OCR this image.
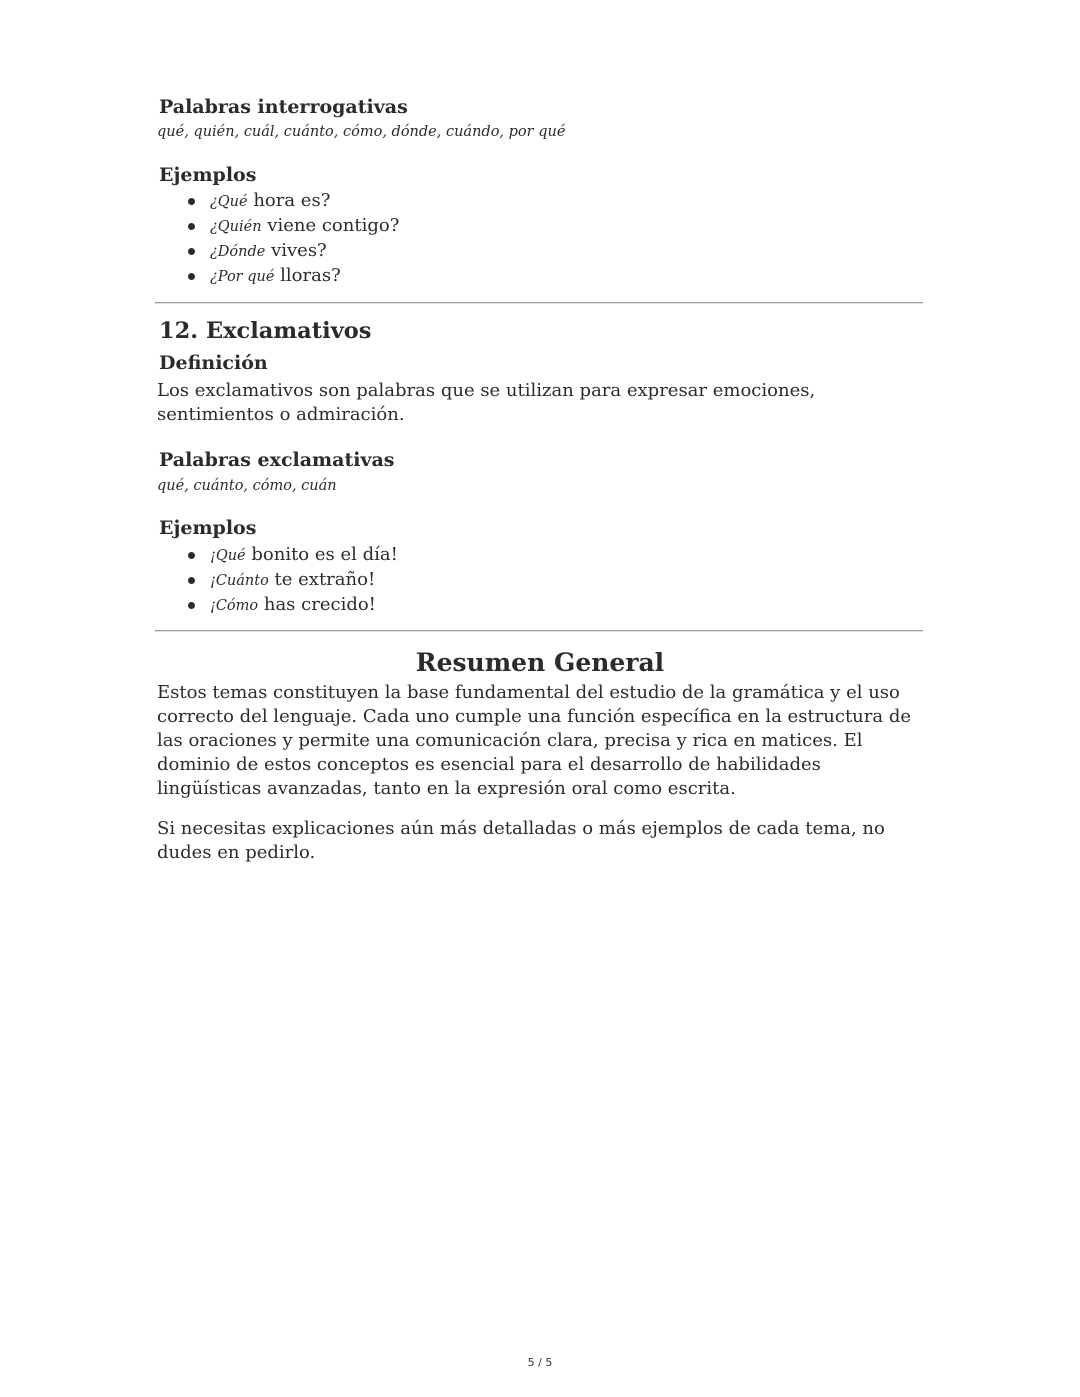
Palabras interrogativas
qué, quién, cuál, cuánto, cómo, dónde, cuándo, por qué
Ejemplos
¿Qué hora es?
¿Quién viene contigo?
¿Dónde vives?
¿Por qué lloras?
12. Exclamativos
Definición

Los exclamativos son palabras que se utilizan para expresar emociones, sentimientos o admiración.

Palabras exclamativas
qué, cuánto, cómo, cuán
Ejemplos
¡Qué bonito es el día!
¡Cuánto te extraño!
¡Cómo has crecido!
Resumen General

Estos temas constituyen la base fundamental del estudio de la gramática y el uso correcto del lenguaje. Cada uno cumple una función específica en la estructura de las oraciones y permite una comunicación clara, precisa y rica en matices. El dominio de estos conceptos es esencial para el desarrollo de habilidades lingüísticas avanzadas, tanto en la expresión oral como escrita.

Si necesitas explicaciones aún más detalladas o más ejemplos de cada tema, no dudes en pedirlo.

5 / 5
